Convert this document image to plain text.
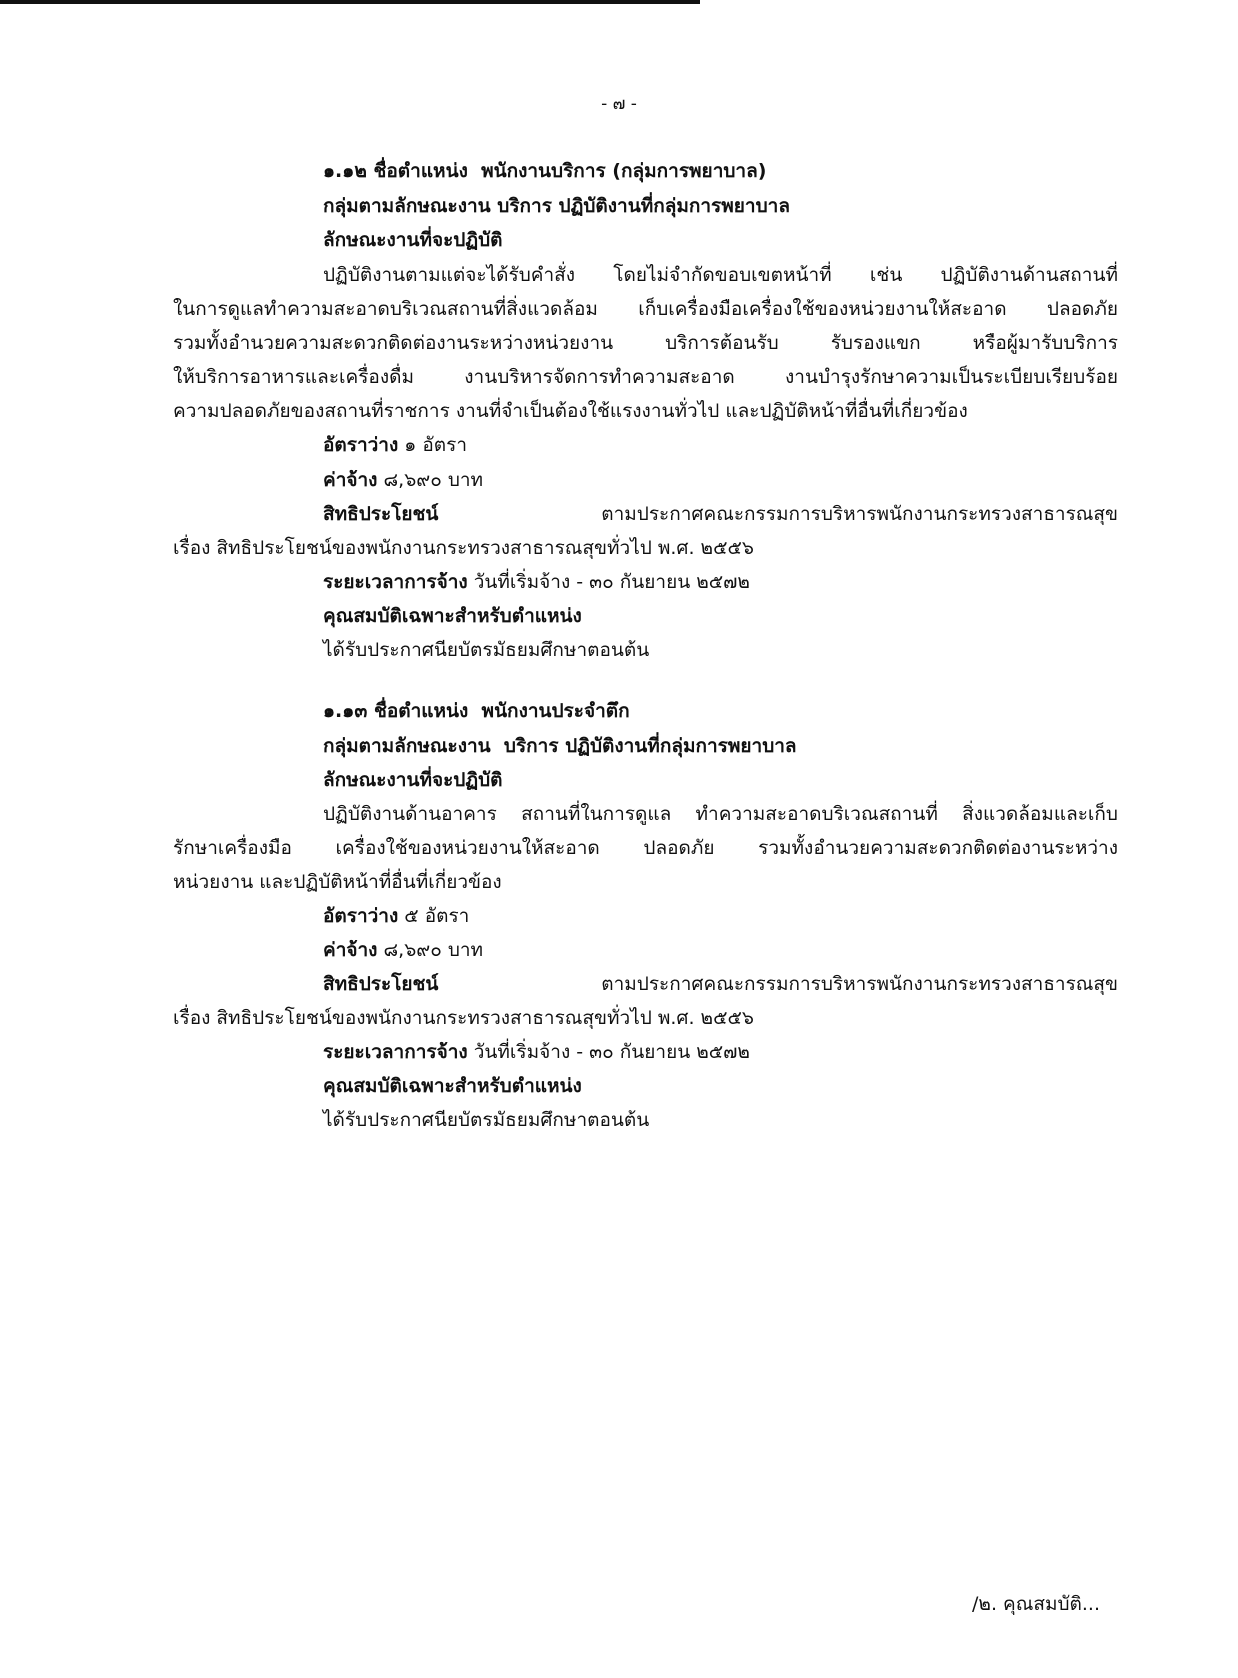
- ๗ -
๑.๑๒ ชื่อตำแหน่ง พนักงานบริการ (กลุ่มการพยาบาล)
กลุ่มตามลักษณะงาน บริการ ปฏิบัติงานที่กลุ่มการพยาบาล
ลักษณะงานที่จะปฏิบัติ
ปฏิบัติงานตามแต่จะได้รับคำสั่ง โดยไม่จำกัดขอบเขตหน้าที่ เช่น ปฏิบัติงานด้านสถานที่
ในการดูแลทำความสะอาดบริเวณสถานที่สิ่งแวดล้อม เก็บเครื่องมือเครื่องใช้ของหน่วยงานให้สะอาด ปลอดภัย
รวมทั้งอำนวยความสะดวกติดต่องานระหว่างหน่วยงาน บริการต้อนรับ รับรองแขก หรือผู้มารับบริการ
ให้บริการอาหารและเครื่องดื่ม งานบริหารจัดการทำความสะอาด งานบำรุงรักษาความเป็นระเบียบเรียบร้อย
ความปลอดภัยของสถานที่ราชการ งานที่จำเป็นต้องใช้แรงงานทั่วไป และปฏิบัติหน้าที่อื่นที่เกี่ยวข้อง
อัตราว่าง ๑ อัตรา
ค่าจ้าง ๘,๖๙๐ บาท
สิทธิประโยชน์	ตามประกาศคณะกรรมการบริหารพนักงานกระทรวงสาธารณสุข
เรื่อง สิทธิประโยชน์ของพนักงานกระทรวงสาธารณสุขทั่วไป พ.ศ. ๒๕๕๖
ระยะเวลาการจ้าง วันที่เริ่มจ้าง - ๓๐ กันยายน ๒๕๗๒
คุณสมบัติเฉพาะสำหรับตำแหน่ง
ได้รับประกาศนียบัตรมัธยมศึกษาตอนต้น
๑.๑๓ ชื่อตำแหน่ง พนักงานประจำตึก
กลุ่มตามลักษณะงาน บริการ ปฏิบัติงานที่กลุ่มการพยาบาล
ลักษณะงานที่จะปฏิบัติ
ปฏิบัติงานด้านอาคาร สถานที่ในการดูแล ทำความสะอาดบริเวณสถานที่ สิ่งแวดล้อมและเก็บ
รักษาเครื่องมือ เครื่องใช้ของหน่วยงานให้สะอาด ปลอดภัย รวมทั้งอำนวยความสะดวกติดต่องานระหว่าง
หน่วยงาน และปฏิบัติหน้าที่อื่นที่เกี่ยวข้อง
อัตราว่าง ๕ อัตรา
ค่าจ้าง ๘,๖๙๐ บาท
สิทธิประโยชน์	ตามประกาศคณะกรรมการบริหารพนักงานกระทรวงสาธารณสุข
เรื่อง สิทธิประโยชน์ของพนักงานกระทรวงสาธารณสุขทั่วไป พ.ศ. ๒๕๕๖
ระยะเวลาการจ้าง วันที่เริ่มจ้าง - ๓๐ กันยายน ๒๕๗๒
คุณสมบัติเฉพาะสำหรับตำแหน่ง
ได้รับประกาศนียบัตรมัธยมศึกษาตอนต้น
/๒. คุณสมบัติ...
